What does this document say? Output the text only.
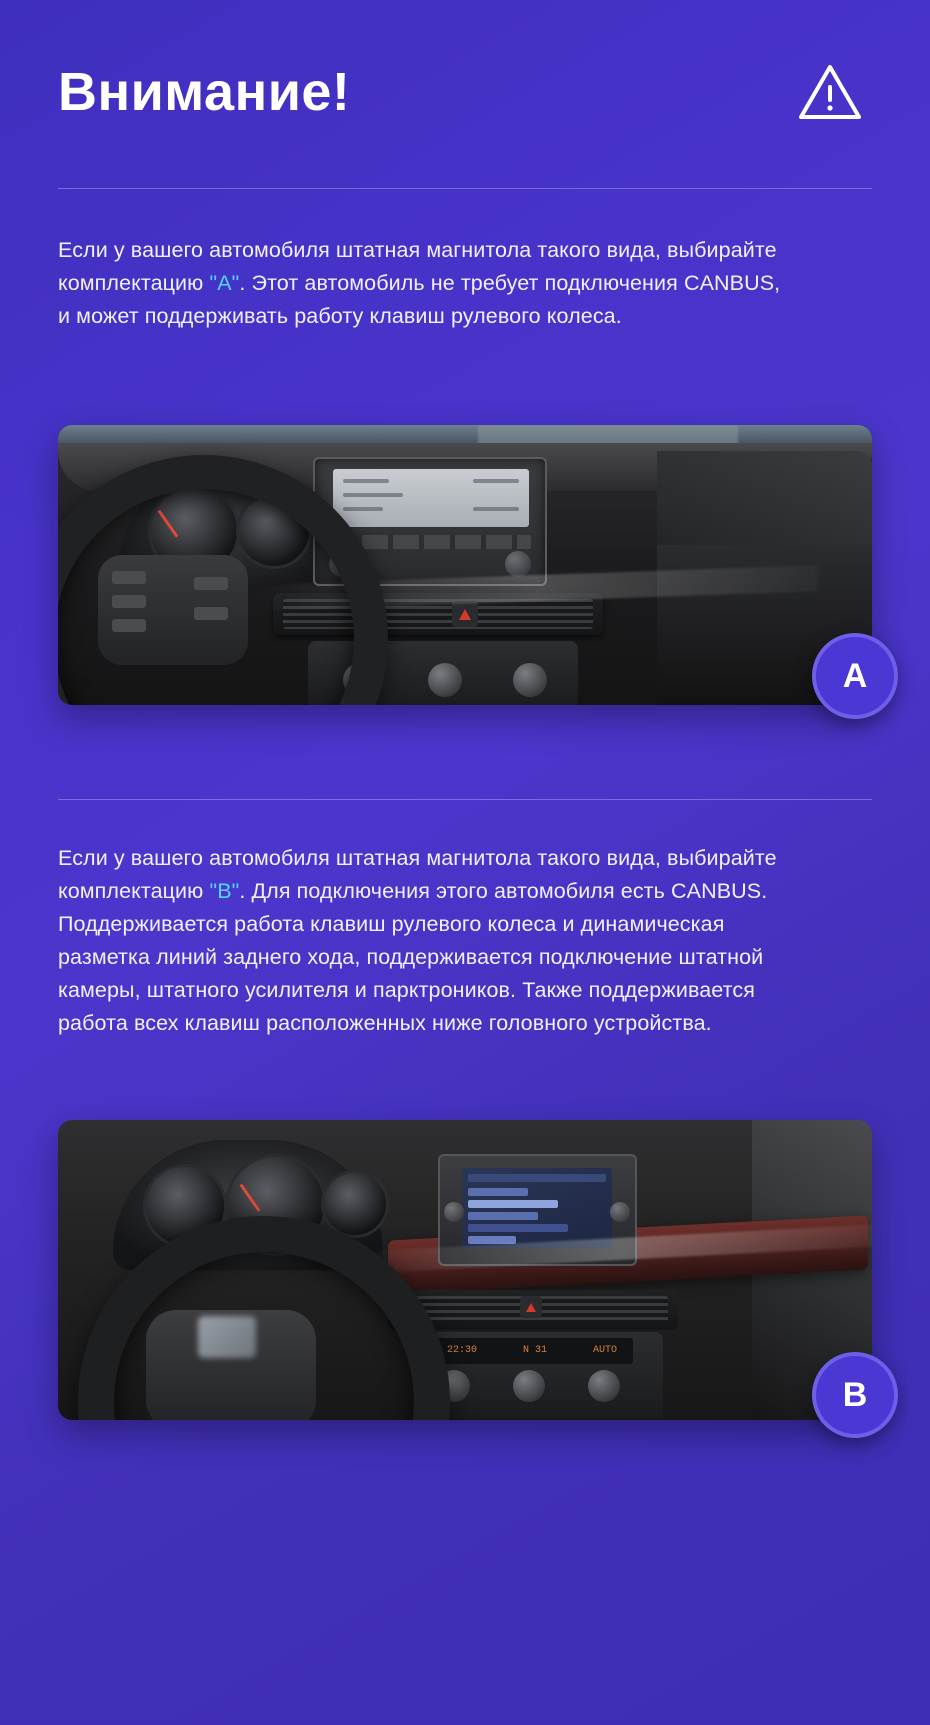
Внимание!

Если у вашего автомобиля штатная магнитола такого вида, выбирайте комплектацию "A". Этот автомобиль не требует подключения CANBUS, и может поддерживать работу клавиш рулевого колеса.

A

Если у вашего автомобиля штатная магнитола такого вида, выбирайте комплектацию "B". Для подключения этого автомобиля есть CANBUS. Поддерживается работа клавиш рулевого колеса и динамическая разметка линий заднего хода, поддерживается подключение штатной камеры, штатного усилителя и парктроников. Также поддерживается работа всех клавиш расположенных ниже головного устройства.

22:30	N 31	AUTO
B
